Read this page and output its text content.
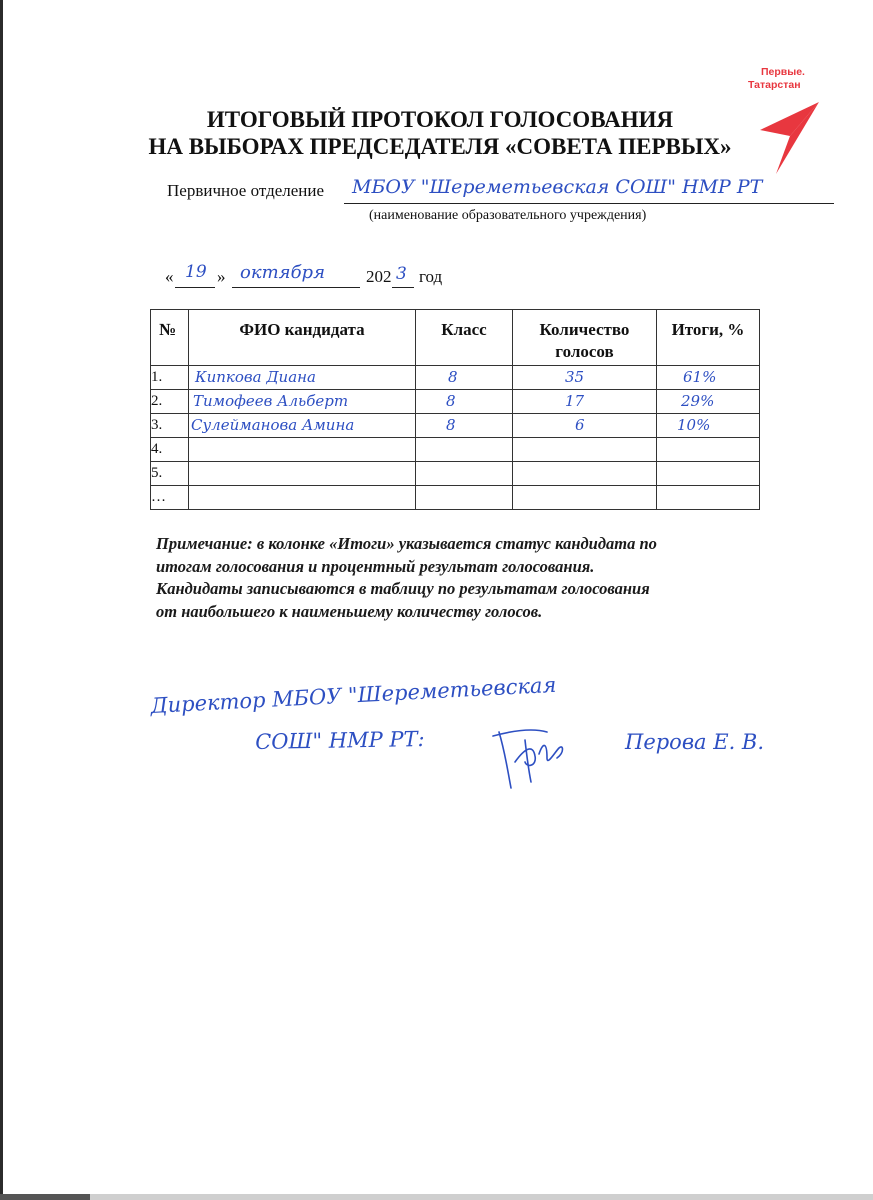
Первые.
Татарстан
ИТОГОВЫЙ ПРОТОКОЛ ГОЛОСОВАНИЯ
НА ВЫБОРАХ ПРЕДСЕДАТЕЛЯ «СОВЕТА ПЕРВЫХ»
Первичное отделение МБОУ "Шереметьевская СОШ" НМР РТ
(наименование образовательного учреждения)
«	»	202 год
19 октября	3
№	ФИО кандидата	Класс	Количество голосов	Итоги, %
1.	Кипкова Диана	8	35	61%

2.	Тимофеев Альберт	8	17	29%

3.	Сулейманова Амина	8	6	10%

4.				
5.				
…				
Примечание: в колонке «Итоги» указывается статус кандидата по
итогам голосования и процентный результат голосования.
Кандидаты записываются в таблицу по результатам голосования
от наибольшего к наименьшему количеству голосов.
Директор МБОУ "Шереметьевская
СОШ" НМР РТ:	Перова Е. В.
